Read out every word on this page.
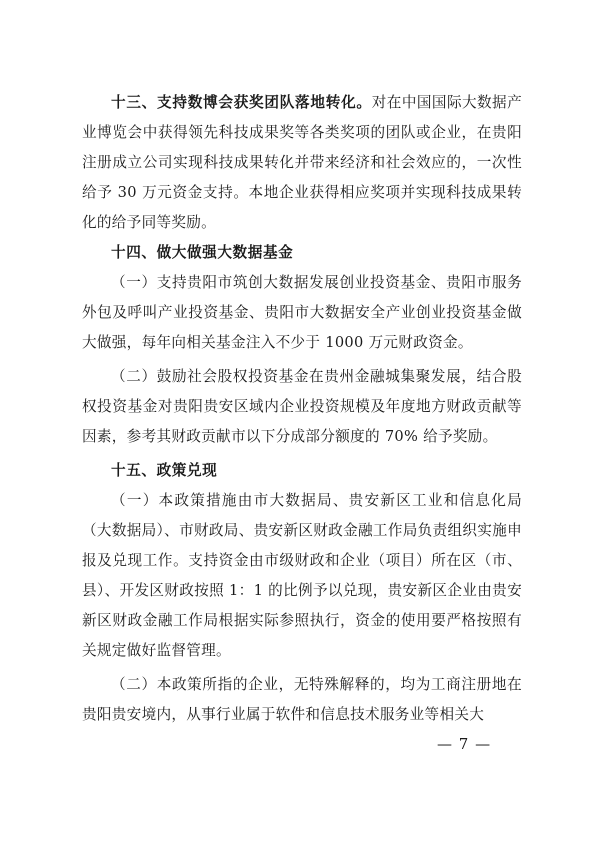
十三、支持数博会获奖团队落地转化。对在中国国际大数据产业博览会中获得领先科技成果奖等各类奖项的团队或企业，在贵阳注册成立公司实现科技成果转化并带来经济和社会效应的，一次性给予 30 万元资金支持。本地企业获得相应奖项并实现科技成果转化的给予同等奖励。

十四、做大做强大数据基金

（一）支持贵阳市筑创大数据发展创业投资基金、贵阳市服务外包及呼叫产业投资基金、贵阳市大数据安全产业创业投资基金做大做强，每年向相关基金注入不少于 1000 万元财政资金。

（二）鼓励社会股权投资基金在贵州金融城集聚发展，结合股权投资基金对贵阳贵安区域内企业投资规模及年度地方财政贡献等因素，参考其财政贡献市以下分成部分额度的 70% 给予奖励。

十五、政策兑现

（一）本政策措施由市大数据局、贵安新区工业和信息化局（大数据局）、市财政局、贵安新区财政金融工作局负责组织实施申报及兑现工作。支持资金由市级财政和企业（项目）所在区（市、县）、开发区财政按照 1：1 的比例予以兑现，贵安新区企业由贵安新区财政金融工作局根据实际参照执行，资金的使用要严格按照有关规定做好监督管理。

（二）本政策所指的企业，无特殊解释的，均为工商注册地在贵阳贵安境内，从事行业属于软件和信息技术服务业等相关大

— 7 —
